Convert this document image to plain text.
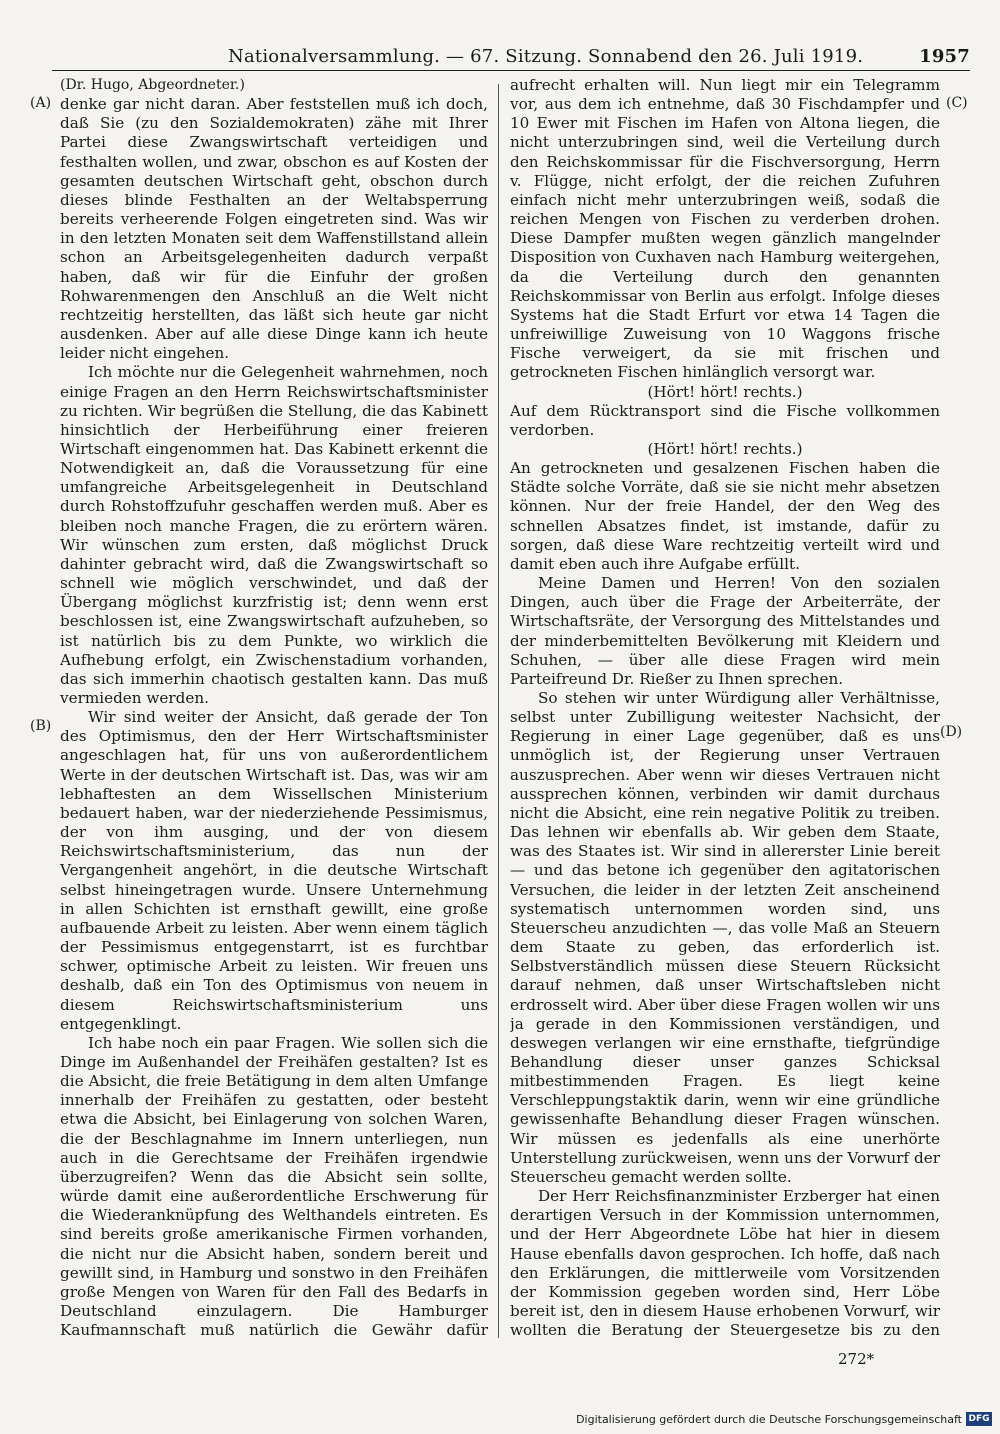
Nationalversammlung. — 67. Sitzung. Sonnabend den 26. Juli 1919.	1957
(A)
(B)
(C)
(D)

(Dr. Hugo, Abgeordneter.)

denke gar nicht daran. Aber feststellen muß ich doch, daß Sie (zu den Sozialdemokraten) zähe mit Ihrer Partei diese Zwangswirtschaft verteidigen und festhalten wollen, und zwar, obschon es auf Kosten der gesamten deutschen Wirtschaft geht, obschon durch dieses blinde Festhalten an der Weltabsperrung bereits verheerende Folgen eingetreten sind. Was wir in den letzten Monaten seit dem Waffenstillstand allein schon an Arbeitsgelegenheiten dadurch verpaßt haben, daß wir für die Einfuhr der großen Rohwarenmengen den Anschluß an die Welt nicht rechtzeitig herstellten, das läßt sich heute gar nicht ausdenken. Aber auf alle diese Dinge kann ich heute leider nicht eingehen.

Ich möchte nur die Gelegenheit wahrnehmen, noch einige Fragen an den Herrn Reichswirtschaftsminister zu richten. Wir begrüßen die Stellung, die das Kabinett hinsichtlich der Herbeiführung einer freieren Wirtschaft eingenommen hat. Das Kabinett erkennt die Notwendigkeit an, daß die Voraussetzung für eine umfangreiche Arbeitsgelegenheit in Deutschland durch Rohstoffzufuhr geschaffen werden muß. Aber es bleiben noch manche Fragen, die zu erörtern wären. Wir wünschen zum ersten, daß möglichst Druck dahinter gebracht wird, daß die Zwangswirtschaft so schnell wie möglich verschwindet, und daß der Übergang möglichst kurzfristig ist; denn wenn erst beschlossen ist, eine Zwangswirtschaft aufzuheben, so ist natürlich bis zu dem Punkte, wo wirklich die Aufhebung erfolgt, ein Zwischenstadium vorhanden, das sich immerhin chaotisch gestalten kann. Das muß vermieden werden.

Wir sind weiter der Ansicht, daß gerade der Ton des Optimismus, den der Herr Wirtschaftsminister angeschlagen hat, für uns von außerordentlichem Werte in der deutschen Wirtschaft ist. Das, was wir am lebhaftesten an dem Wissellschen Ministerium bedauert haben, war der niederziehende Pessimismus, der von ihm ausging, und der von diesem Reichswirtschaftsministerium, das nun der Vergangenheit angehört, in die deutsche Wirtschaft selbst hineingetragen wurde. Unsere Unternehmung in allen Schichten ist ernsthaft gewillt, eine große aufbauende Arbeit zu leisten. Aber wenn einem täglich der Pessimismus entgegenstarrt, ist es furchtbar schwer, optimische Arbeit zu leisten. Wir freuen uns deshalb, daß ein Ton des Optimismus von neuem in diesem Reichswirtschaftsministerium uns entgegenklingt.

Ich habe noch ein paar Fragen. Wie sollen sich die Dinge im Außenhandel der Freihäfen gestalten? Ist es die Absicht, die freie Betätigung in dem alten Umfange innerhalb der Freihäfen zu gestatten, oder besteht etwa die Absicht, bei Einlagerung von solchen Waren, die der Beschlagnahme im Innern unterliegen, nun auch in die Gerechtsame der Freihäfen irgendwie überzugreifen? Wenn das die Absicht sein sollte, würde damit eine außerordentliche Erschwerung für die Wiederanknüpfung des Welthandels eintreten. Es sind bereits große amerikanische Firmen vorhanden, die nicht nur die Absicht haben, sondern bereit und gewillt sind, in Hamburg und sonstwo in den Freihäfen große Mengen von Waren für den Fall des Bedarfs in Deutschland einzulagern. Die Hamburger Kaufmannschaft muß natürlich die Gewähr dafür

aufrecht erhalten will. Nun liegt mir ein Telegramm vor, aus dem ich entnehme, daß 30 Fischdampfer und 10 Ewer mit Fischen im Hafen von Altona liegen, die nicht unterzubringen sind, weil die Verteilung durch den Reichskommissar für die Fischversorgung, Herrn v. Flügge, nicht erfolgt, der die reichen Zufuhren einfach nicht mehr unterzubringen weiß, sodaß die reichen Mengen von Fischen zu verderben drohen. Diese Dampfer mußten wegen gänzlich mangelnder Disposition von Cuxhaven nach Hamburg weitergehen, da die Verteilung durch den genannten Reichskommissar von Berlin aus erfolgt. Infolge dieses Systems hat die Stadt Erfurt vor etwa 14 Tagen die unfreiwillige Zuweisung von 10 Waggons frische Fische verweigert, da sie mit frischen und getrockneten Fischen hinlänglich versorgt war.

(Hört! hört! rechts.)

Auf dem Rücktransport sind die Fische vollkommen verdorben.

(Hört! hört! rechts.)

An getrockneten und gesalzenen Fischen haben die Städte solche Vorräte, daß sie sie nicht mehr absetzen können. Nur der freie Handel, der den Weg des schnellen Absatzes findet, ist imstande, dafür zu sorgen, daß diese Ware rechtzeitig verteilt wird und damit eben auch ihre Aufgabe erfüllt.

Meine Damen und Herren! Von den sozialen Dingen, auch über die Frage der Arbeiterräte, der Wirtschaftsräte, der Versorgung des Mittelstandes und der minderbemittelten Bevölkerung mit Kleidern und Schuhen, — über alle diese Fragen wird mein Parteifreund Dr. Rießer zu Ihnen sprechen.

So stehen wir unter Würdigung aller Verhältnisse, selbst unter Zubilligung weitester Nachsicht, der Regierung in einer Lage gegenüber, daß es uns unmöglich ist, der Regierung unser Vertrauen auszusprechen. Aber wenn wir dieses Vertrauen nicht aussprechen können, verbinden wir damit durchaus nicht die Absicht, eine rein negative Politik zu treiben. Das lehnen wir ebenfalls ab. Wir geben dem Staate, was des Staates ist. Wir sind in allererster Linie bereit — und das betone ich gegenüber den agitatorischen Versuchen, die leider in der letzten Zeit anscheinend systematisch unternommen worden sind, uns Steuerscheu anzudichten —, das volle Maß an Steuern dem Staate zu geben, das erforderlich ist. Selbstverständlich müssen diese Steuern Rücksicht darauf nehmen, daß unser Wirtschaftsleben nicht erdrosselt wird. Aber über diese Fragen wollen wir uns ja gerade in den Kommissionen verständigen, und deswegen verlangen wir eine ernsthafte, tiefgründige Behandlung dieser unser ganzes Schicksal mitbestimmenden Fragen. Es liegt keine Verschleppungstaktik darin, wenn wir eine gründliche gewissenhafte Behandlung dieser Fragen wünschen. Wir müssen es jedenfalls als eine unerhörte Unterstellung zurückweisen, wenn uns der Vorwurf der Steuerscheu gemacht werden sollte.

Der Herr Reichsfinanzminister Erzberger hat einen derartigen Versuch in der Kommission unternommen, und der Herr Abgeordnete Löbe hat hier in diesem Hause ebenfalls davon gesprochen. Ich hoffe, daß nach den Erklärungen, die mittlerweile vom Vorsitzenden der Kommission gegeben worden sind, Herr Löbe bereit ist, den in diesem Hause erhobenen Vorwurf, wir wollten die Beratung der Steuergesetze bis zu den

272*
Digitalisierung gefördert durch die Deutsche Forschungsgemeinschaft DFG
